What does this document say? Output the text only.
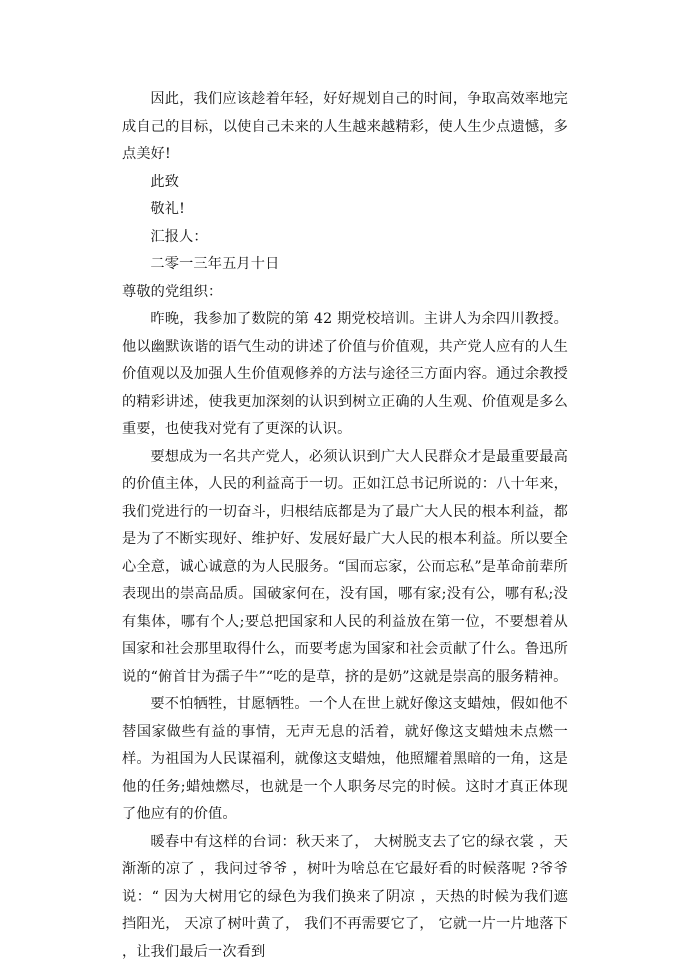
因此，我们应该趁着年轻，好好规划自己的时间，争取高效率地完成自己的目标，以使自己未来的人生越来越精彩，使人生少点遗憾，多点美好!

此致

敬礼!

汇报人：

二零一三年五月十日

尊敬的党组织：

昨晚，我参加了数院的第 42 期党校培训。主讲人为余四川教授。他以幽默诙谐的语气生动的讲述了价值与价值观，共产党人应有的人生价值观以及加强人生价值观修养的方法与途径三方面内容。通过余教授的精彩讲述，使我更加深刻的认识到树立正确的人生观、价值观是多么重要，也使我对党有了更深的认识。

要想成为一名共产党人，必须认识到广大人民群众才是最重要最高的价值主体，人民的利益高于一切。正如江总书记所说的：八十年来，我们党进行的一切奋斗，归根结底都是为了最广大人民的根本利益，都是为了不断实现好、维护好、发展好最广大人民的根本利益。所以要全心全意，诚心诚意的为人民服务。“国而忘家，公而忘私”是革命前辈所表现出的崇高品质。国破家何在，没有国，哪有家;没有公，哪有私;没有集体，哪有个人;要总把国家和人民的利益放在第一位，不要想着从国家和社会那里取得什么，而要考虑为国家和社会贡献了什么。鲁迅所说的“俯首甘为孺子牛”“吃的是草，挤的是奶”这就是崇高的服务精神。

要不怕牺牲，甘愿牺牲。一个人在世上就好像这支蜡烛，假如他不替国家做些有益的事情，无声无息的活着，就好像这支蜡烛未点燃一样。为祖国为人民谋福利，就像这支蜡烛，他照耀着黑暗的一角，这是他的任务;蜡烛燃尽，也就是一个人职务尽完的时候。这时才真正体现了他应有的价值。

暖春中有这样的台词：秋天来了， 大树脱支去了它的绿衣裳 ，天渐渐的凉了 ，我问过爷爷 ，树叶为啥总在它最好看的时候落呢 ?爷爷说：“ 因为大树用它的绿色为我们换来了阴凉 ，天热的时候为我们遮挡阳光， 天凉了树叶黄了， 我们不再需要它了， 它就一片一片地落下 ，让我们最后一次看到
